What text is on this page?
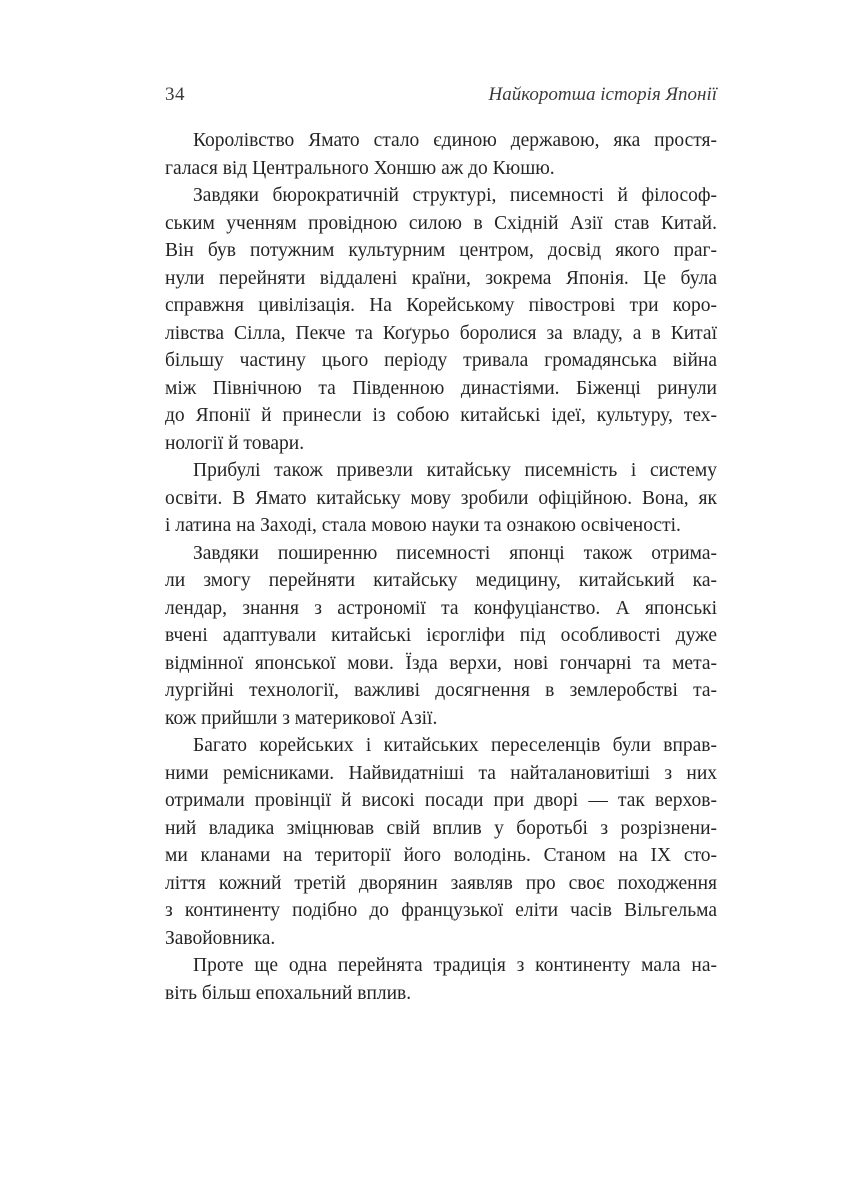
34	Найкоротша історія Японії
Королівство Ямато стало єдиною державою, яка простя-
галася від Центрального Хоншю аж до Кюшю.
Завдяки бюрократичній структурі, писемності й філософ-
ським ученням провідною силою в Східній Азії став Китай.
Він був потужним культурним центром, досвід якого праг-
нули перейняти віддалені країни, зокрема Японія. Це була
справжня цивілізація. На Корейському півострові три коро-
лівства Сілла, Пекче та Коґурьо боролися за владу, а в Китаї
більшу частину цього періоду тривала громадянська війна
між Північною та Південною династіями. Біженці ринули
до Японії й принесли із собою китайські ідеї, культуру, тех-
нології й товари.
Прибулі також привезли китайську писемність і систему
освіти. В Ямато китайську мову зробили офіційною. Вона, як
і латина на Заході, стала мовою науки та ознакою освіченості.
Завдяки поширенню писемності японці також отрима-
ли змогу перейняти китайську медицину, китайський ка-
лендар, знання з астрономії та конфуціанство. А японські
вчені адаптували китайські ієрогліфи під особливості дуже
відмінної японської мови. Їзда верхи, нові гончарні та мета-
лургійні технології, важливі досягнення в землеробстві та-
кож прийшли з материкової Азії.
Багато корейських і китайських переселенців були вправ-
ними ремісниками. Найвидатніші та найталановитіші з них
отримали провінції й високі посади при дворі — так верхов-
ний владика зміцнював свій вплив у боротьбі з розрізнени-
ми кланами на території його володінь. Станом на IX сто-
ліття кожний третій дворянин заявляв про своє походження
з континенту подібно до французької еліти часів Вільгельма
Завойовника.
Проте ще одна перейнята традиція з континенту мала на-
віть більш епохальний вплив.
